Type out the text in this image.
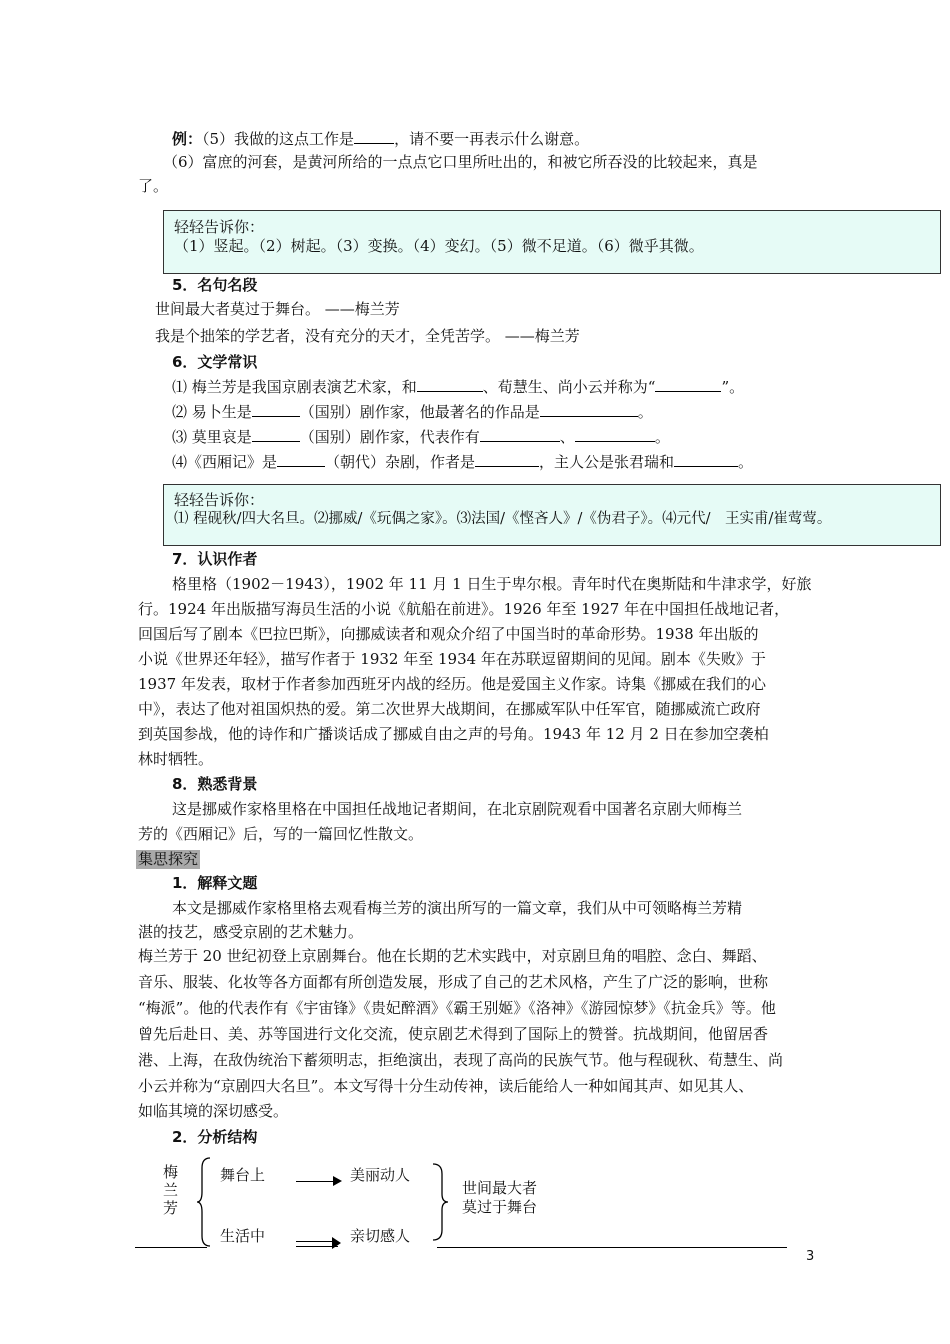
例：（5）我做的这点工作是	，请不要一再表示什么谢意。
（6）富庶的河套，是黄河所给的一点点它口里所吐出的，和被它所吞没的比较起来，真是
了。
轻轻告诉你：
（1）竖起。（2）树起。（3）变换。（4）变幻。（5）微不足道。（6）微乎其微。
5．名句名段
世间最大者莫过于舞台。 ——梅兰芳
我是个拙笨的学艺者，没有充分的天才，全凭苦学。 ——梅兰芳
6．文学常识
⑴ 梅兰芳是我国京剧表演艺术家，和	、荀慧生、尚小云并称为“	”。
⑵ 易卜生是	（国别）剧作家，他最著名的作品是	。
⑶ 莫里哀是	（国别）剧作家，代表作有	、	。
⑷《西厢记》是	（朝代）杂剧，作者是	，主人公是张君瑞和	。
轻轻告诉你：
⑴ 程砚秋/四大名旦。⑵挪威/《玩偶之家》。⑶法国/《悭吝人》/《伪君子》。⑷元代/　王实甫/崔莺莺。
7．认识作者
格里格（1902－1943），1902 年 11 月 1 日生于卑尔根。青年时代在奥斯陆和牛津求学，好旅
行。1924 年出版描写海员生活的小说《航船在前进》。1926 年至 1927 年在中国担任战地记者，
回国后写了剧本《巴拉巴斯》，向挪威读者和观众介绍了中国当时的革命形势。1938 年出版的
小说《世界还年轻》，描写作者于 1932 年至 1934 年在苏联逗留期间的见闻。剧本《失败》于
1937 年发表，取材于作者参加西班牙内战的经历。他是爱国主义作家。诗集《挪威在我们的心
中》，表达了他对祖国炽热的爱。第二次世界大战期间，在挪威军队中任军官，随挪威流亡政府
到英国参战，他的诗作和广播谈话成了挪威自由之声的号角。1943 年 12 月 2 日在参加空袭柏
林时牺牲。
8．熟悉背景
这是挪威作家格里格在中国担任战地记者期间，在北京剧院观看中国著名京剧大师梅兰
芳的《西厢记》后，写的一篇回忆性散文。
集思探究
1．解释文题
本文是挪威作家格里格去观看梅兰芳的演出所写的一篇文章，我们从中可领略梅兰芳精
湛的技艺，感受京剧的艺术魅力。
梅兰芳于 20 世纪初登上京剧舞台。他在长期的艺术实践中，对京剧旦角的唱腔、念白、舞蹈、
音乐、服装、化妆等各方面都有所创造发展，形成了自己的艺术风格，产生了广泛的影响，世称
“梅派”。他的代表作有《宇宙锋》《贵妃醉酒》《霸王别姬》《洛神》《游园惊梦》《抗金兵》等。他
曾先后赴日、美、苏等国进行文化交流，使京剧艺术得到了国际上的赞誉。抗战期间，他留居香
港、上海，在敌伪统治下蓄须明志，拒绝演出，表现了高尚的民族气节。他与程砚秋、荀慧生、尚
小云并称为“京剧四大名旦”。本文写得十分生动传神，读后能给人一种如闻其声、如见其人、
如临其境的深切感受。
2．分析结构
梅
兰
芳
舞台上	美丽动人
生活中	亲切感人
世间最大者
莫过于舞台
3
